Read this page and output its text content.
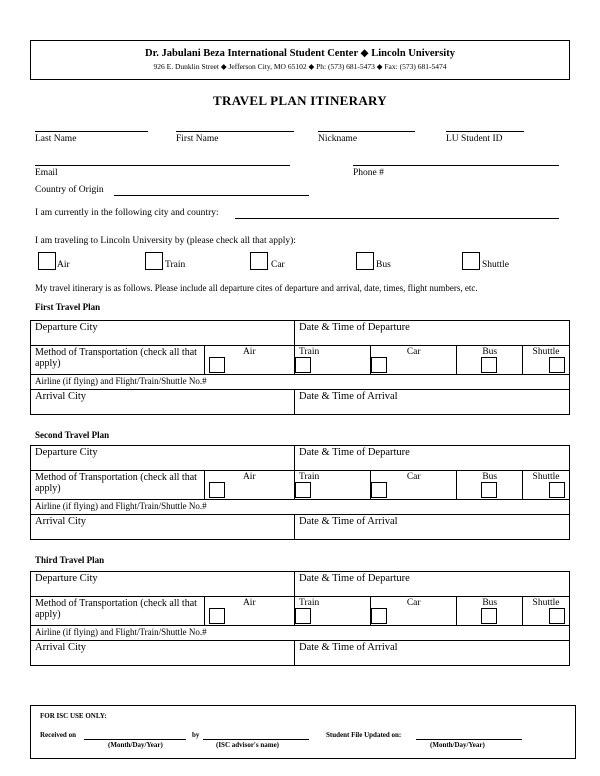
Dr. Jabulani Beza International Student Center ◆ Lincoln University
926 E. Dunklin Street ◆ Jefferson City, MO 65102 ◆ Ph: (573) 681-5473 ◆ Fax: (573) 681-5474
TRAVEL PLAN ITINERARY
Last Name	First Name	Nickname	LU Student ID
Email	Phone #
Country of Origin
I am currently in the following city and country:
I am traveling to Lincoln University by (please check all that apply):
Air	Train	Car	Bus	Shuttle
My travel itinerary is as follows. Please include all departure cites of departure and arrival, date, times, flight numbers, etc.
First Travel Plan
Departure City		Date & Time of Departure			
Method of Transportation (check all that apply)	Air	Train	Car	Bus	Shuttle

Airline (if flying) and Flight/Train/Shuttle No.#					
Arrival City		Date & Time of Arrival			
Second Travel Plan
Departure City		Date & Time of Departure			
Method of Transportation (check all that apply)	Air	Train	Car	Bus	Shuttle

Airline (if flying) and Flight/Train/Shuttle No.#					
Arrival City		Date & Time of Arrival			
Third Travel Plan
Departure City		Date & Time of Departure			
Method of Transportation (check all that apply)	Air	Train	Car	Bus	Shuttle

Airline (if flying) and Flight/Train/Shuttle No.#					
Arrival City		Date & Time of Arrival			
FOR ISC USE ONLY:
Received on	by	Student File Updated on:
(Month/Day/Year)	(ISC advisor's name)	(Month/Day/Year)
